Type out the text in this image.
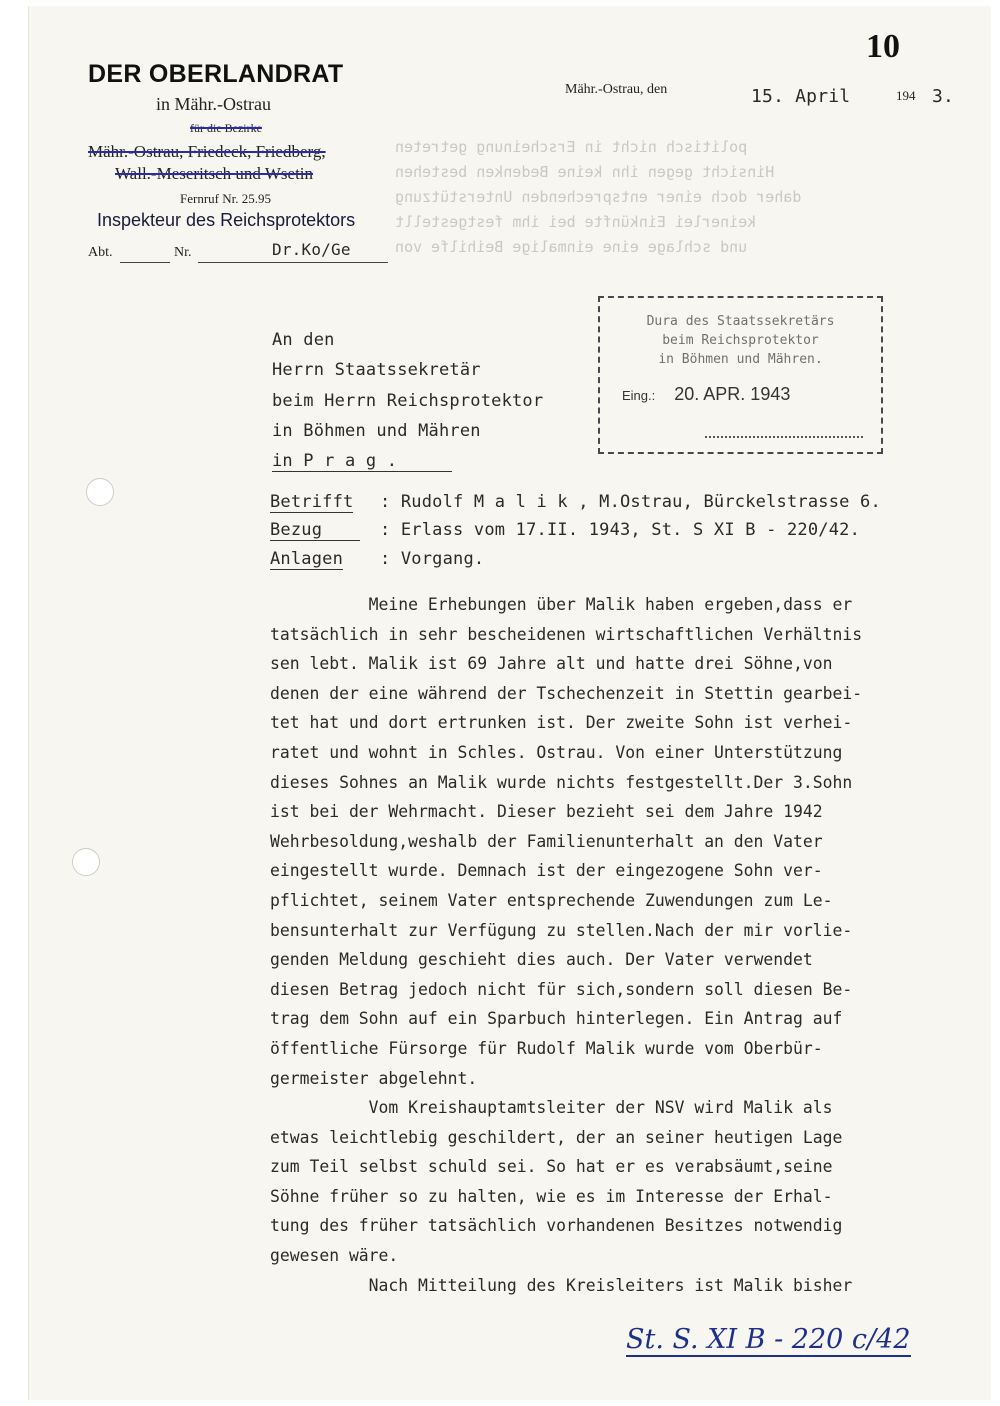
politisch nicht in Erscheinung getreten
Hinsicht gegen ihn keine Bedenken bestehen
daher doch einer entsprechenden Unterstützung
keinerlei Einkünfte bei ihm festgestellt
und schlage eine einmalige Beihilfe von
10
DER OBERLANDRAT
in Mähr.-Ostrau
für die Bezirke
Mähr.-Ostrau, Friedeck, Friedberg,
Wall.-Meseritsch und Wsetin
Fernruf Nr. 25.95
Inspekteur des Reichsprotektors
Abt.	Nr.	Dr.Ko/Ge
Mähr.-Ostrau, den	15. April	194 3.
Dura des Staatssekretärs
beim Reichsprotektor
in Böhmen und Mähren.
Eing.: 20. APR. 1943
An den
Herrn Staatssekretär
beim Herrn Reichsprotektor
in Böhmen und Mähren
in P r a g .
Betrifft : Rudolf M a l i k , M.Ostrau, Bürckelstrasse 6.
Bezug	: Erlass vom 17.II. 1943, St. S XI B - 220/42.
Anlagen : Vorgang.

Meine Erhebungen über Malik haben ergeben,dass er

tatsächlich in sehr bescheidenen wirtschaftlichen Verhältnis

sen lebt. Malik ist 69 Jahre alt und hatte drei Söhne,von

denen der eine während der Tschechenzeit in Stettin gearbei-

tet hat und dort ertrunken ist. Der zweite Sohn ist verhei-

ratet und wohnt in Schles. Ostrau. Von einer Unterstützung

dieses Sohnes an Malik wurde nichts festgestellt.Der 3.Sohn

ist bei der Wehrmacht. Dieser bezieht sei dem Jahre 1942

Wehrbesoldung,weshalb der Familienunterhalt an den Vater

eingestellt wurde. Demnach ist der eingezogene Sohn ver-

pflichtet, seinem Vater entsprechende Zuwendungen zum Le-

bensunterhalt zur Verfügung zu stellen.Nach der mir vorlie-

genden Meldung geschieht dies auch. Der Vater verwendet

diesen Betrag jedoch nicht für sich,sondern soll diesen Be-

trag dem Sohn auf ein Sparbuch hinterlegen. Ein Antrag auf

öffentliche Fürsorge für Rudolf Malik wurde vom Oberbür-

germeister abgelehnt.

Vom Kreishauptamtsleiter der NSV wird Malik als

etwas leichtlebig geschildert, der an seiner heutigen Lage

zum Teil selbst schuld sei. So hat er es verabsäumt,seine

Söhne früher so zu halten, wie es im Interesse der Erhal-

tung des früher tatsächlich vorhandenen Besitzes notwendig

gewesen wäre.

Nach Mitteilung des Kreisleiters ist Malik bisher

St. S. XI B - 220 c/42
